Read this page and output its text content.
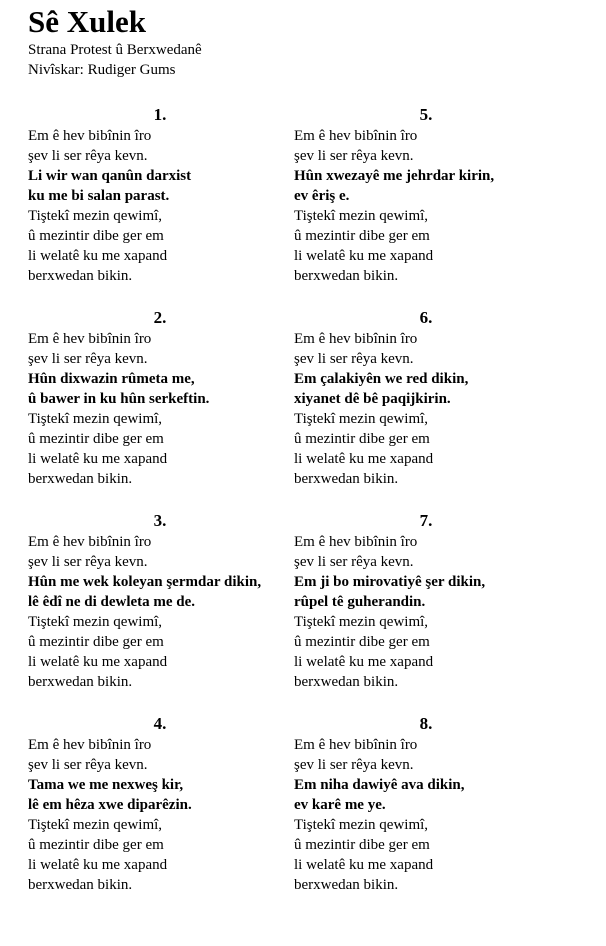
Sê Xulek
Strana Protest û Berxwedanê
Nivîskar: Rudiger Gums
1.
Em ê hev bibînin îro
şev li ser rêya kevn.
Li wir wan qanûn darxist
ku me bi salan parast.
Tiştekî mezin qewimî,
û mezintir dibe ger em
li welatê ku me xapand
berxwedan bikin.
2.
Em ê hev bibînin îro
şev li ser rêya kevn.
Hûn dixwazin rûmeta me,
û bawer in ku hûn serkeftin.
Tiştekî mezin qewimî,
û mezintir dibe ger em
li welatê ku me xapand
berxwedan bikin.
3.
Em ê hev bibînin îro
şev li ser rêya kevn.
Hûn me wek koleyan şermdar dikin,
lê êdî ne di dewleta me de.
Tiştekî mezin qewimî,
û mezintir dibe ger em
li welatê ku me xapand
berxwedan bikin.
4.
Em ê hev bibînin îro
şev li ser rêya kevn.
Tama we me nexweş kir,
lê em hêza xwe diparêzin.
Tiştekî mezin qewimî,
û mezintir dibe ger em
li welatê ku me xapand
berxwedan bikin.
5.
Em ê hev bibînin îro
şev li ser rêya kevn.
Hûn xwezayê me jehrdar kirin,
ev êriş e.
Tiştekî mezin qewimî,
û mezintir dibe ger em
li welatê ku me xapand
berxwedan bikin.
6.
Em ê hev bibînin îro
şev li ser rêya kevn.
Em çalakiyên we red dikin,
xiyanet dê bê paqijkirin.
Tiştekî mezin qewimî,
û mezintir dibe ger em
li welatê ku me xapand
berxwedan bikin.
7.
Em ê hev bibînin îro
şev li ser rêya kevn.
Em ji bo mirovatiyê şer dikin,
rûpel tê guherandin.
Tiştekî mezin qewimî,
û mezintir dibe ger em
li welatê ku me xapand
berxwedan bikin.
8.
Em ê hev bibînin îro
şev li ser rêya kevn.
Em niha dawiyê ava dikin,
ev karê me ye.
Tiştekî mezin qewimî,
û mezintir dibe ger em
li welatê ku me xapand
berxwedan bikin.
